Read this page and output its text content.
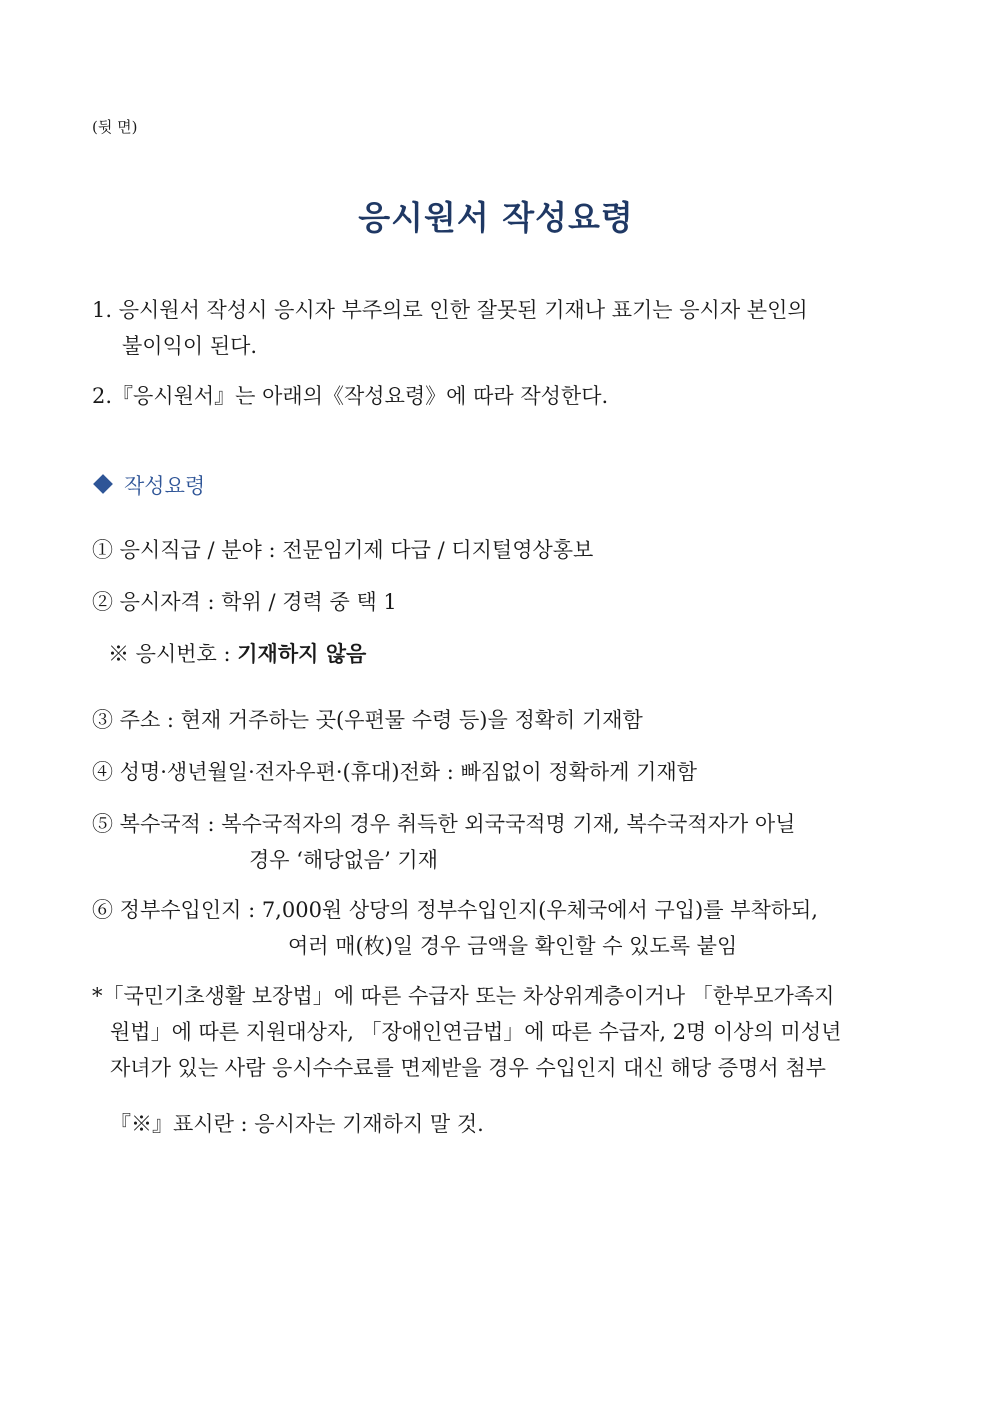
(뒷 면)
응시원서 작성요령
1. 응시원서 작성시 응시자 부주의로 인한 잘못된 기재나 표기는 응시자 본인의
불이익이 된다.
2.『응시원서』는 아래의《작성요령》에 따라 작성한다.
작성요령
① 응시직급 / 분야 : 전문임기제 다급 / 디지털영상홍보
② 응시자격 : 학위 / 경력 중 택 1
※ 응시번호 : 기재하지 않음
③ 주소 : 현재 거주하는 곳(우편물 수령 등)을 정확히 기재함
④ 성명·생년월일·전자우편·(휴대)전화 : 빠짐없이 정확하게 기재함
⑤ 복수국적 : 복수국적자의 경우 취득한 외국국적명 기재, 복수국적자가 아닐
경우 ‘해당없음’ 기재
⑥ 정부수입인지 : 7,000원 상당의 정부수입인지(우체국에서 구입)를 부착하되,
여러 매(枚)일 경우 금액을 확인할 수 있도록 붙임
*「국민기초생활 보장법」에 따른 수급자 또는 차상위계층이거나 「한부모가족지
원법」에 따른 지원대상자, 「장애인연금법」에 따른 수급자, 2명 이상의 미성년
자녀가 있는 사람 응시수수료를 면제받을 경우 수입인지 대신 해당 증명서 첨부
『※』표시란 : 응시자는 기재하지 말 것.
